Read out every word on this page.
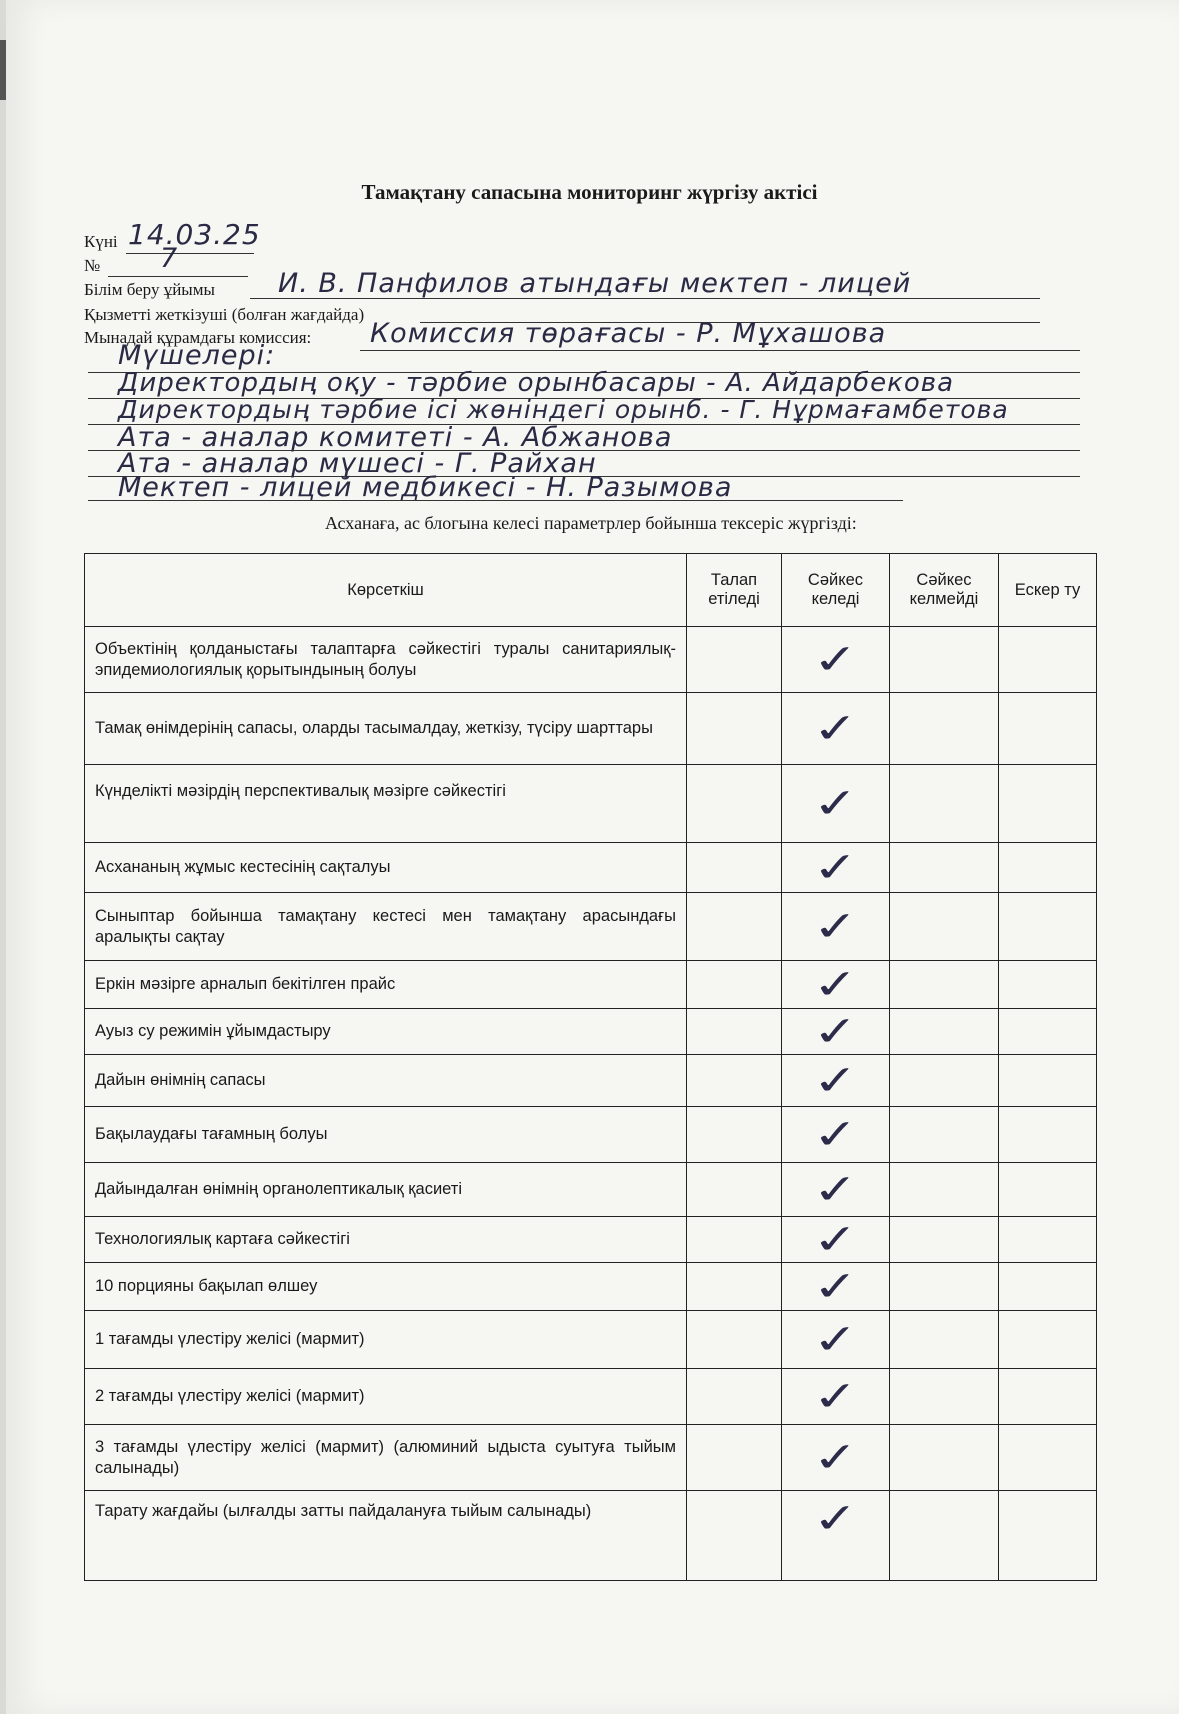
Тамақтану сапасына мониторинг жүргізу актісі
Күні 14.03.25
№ 7
Білім беру ұйымы И. В. Панфилов атындағы мектеп - лицей
Қызметті жеткізуші (болған жағдайда)
Мынадай құрамдағы комиссия: Комиссия төрағасы - Р. Мұхашова
Мүшелері:
Директордың оқу - тәрбие орынбасары - А. Айдарбекова
Директордың тәрбие ісі жөніндегі орынб. - Г. Нұрмағамбетова
Ата - аналар комитеті - А. Абжанова
Ата - аналар мүшесі - Г. Райхан
Мектеп - лицей медбикесі - Н. Разымова
Асханаға, ас блогына келесі параметрлер бойынша тексеріс жүргізді:
Көрсеткіш	Талап етіледі	Сәйкес келеді	Сәйкес келмейді	Ескер ту
Объектінің қолданыстағы талаптарға сәйкестігі туралы санитариялық-эпидемиологиялық қорытындының болуы		✓		
Тамақ өнімдерінің сапасы, оларды тасымалдау, жеткізу, түсіру шарттары		✓		
Күнделікті мәзірдің перспективалық мәзірге сәйкестігі		✓		
Асхананың жұмыс кестесінің сақталуы		✓		
Сыныптар бойынша тамақтану кестесі мен тамақтану арасындағы аралықты сақтау		✓		
Еркін мәзірге арналып бекітілген прайс		✓		
Ауыз су режимін ұйымдастыру		✓		
Дайын өнімнің сапасы		✓		
Бақылаудағы тағамның болуы		✓		
Дайындалған өнімнің органолептикалық қасиеті		✓		
Технологиялық картаға сәйкестігі		✓		
10 порцияны бақылап өлшеу		✓		
1 тағамды үлестіру желісі (мармит)		✓		
2 тағамды үлестіру желісі (мармит)		✓		
3 тағамды үлестіру желісі (мармит) (алюминий ыдыста суытуға тыйым салынады)		✓		
Тарату жағдайы (ылғалды затты пайдалануға тыйым салынады)		✓		
